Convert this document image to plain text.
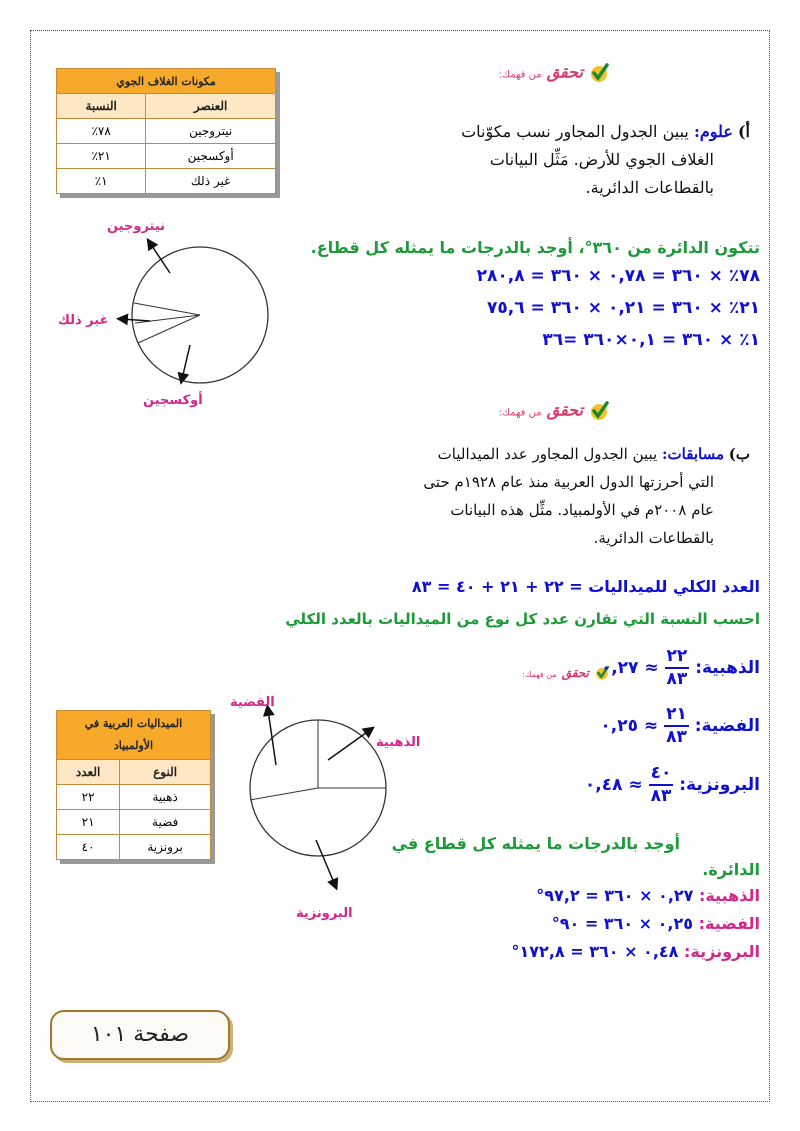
تحقق من فهمك:
أ) علوم: يبين الجدول المجاور نسب مكوّنات
الغلاف الجوي للأرض. مَثِّل البيانات
بالقطاعات الدائرية.
مكونات الغلاف الجوي	
العنصر	النسبة
نيتروجين	٧٨٪
أوكسجين	٢١٪
غير ذلك	١٪
نيتروجين
غير ذلك
أوكسجين
تتكون الدائرة من ٣٦٠°، أوجد بالدرجات ما يمثله كل قطاع.
٧٨٪ × ٣٦٠ = ٠,٧٨ × ٣٦٠ = ٢٨٠,٨
٢١٪ × ٣٦٠ = ٠,٢١ × ٣٦٠ = ٧٥,٦
١٪ × ٣٦٠ = ٠,١×٣٦٠ =٣٦
تحقق من فهمك:
ب) مسابقات: يبين الجدول المجاور عدد الميداليات
التي أحرزتها الدول العربية منذ عام ١٩٢٨م حتى
عام ٢٠٠٨م في الأولمبياد. مثِّل هذه البيانات
بالقطاعات الدائرية.
العدد الكلي للميداليات = ٢٢ + ٢١ + ٤٠ = ٨٣
احسب النسبة التي تقارن عدد كل نوع من الميداليات بالعدد الكلي
تحقق من فهمك:	الذهبية:
$\frac{٢٢}{٨٣}$
≈ ٠,٢٧
الفضية:
$\frac{٢١}{٨٣}$
≈ ٠,٢٥
البرونزية:
$\frac{٤٠}{٨٣}$
≈ ٠,٤٨
أوجد بالدرجات ما يمثله كل قطاع في
الدائرة.
الذهبية: ٠,٢٧ × ٣٦٠ = ٩٧,٢°
الفضية: ٠,٢٥ × ٣٦٠ = ٩٠°
البرونزية: ٠,٤٨ × ٣٦٠ = ١٧٢,٨°
الميداليات العربية في الأولمبياد	
النوع	العدد
ذهبية	٢٢
فضية	٢١
برونزية	٤٠
الفضية
الذهبية
البرونزية
صفحة ١٠١
